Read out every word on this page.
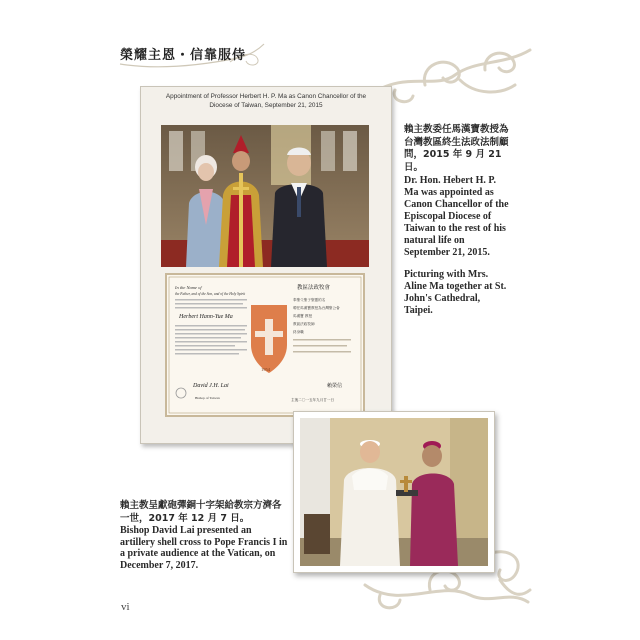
榮耀主恩・信靠服侍
Appointment of Professor Herbert H. P. Ma as Canon Chancellor of the
Diocese of Taiwan, September 21, 2015
1954
In the Name of
the Father, and of the Son, and of the Holy Spirit
Herbert Hann-Yue Ma
教區法政牧會
奉聖父聖子聖靈的名
聘任馬漢寶教授為台灣聖公會
馬漢寶 教授
教區法政牧師
終身職
David J.H. Lai
Bishop of Taiwan
賴榮信
主後二〇一五年九月廿一日

賴主教委任馬漢寶教授為台灣教區終生法政法制顧問，2015 年 9 月 21 日。

Dr. Hon. Hebert H. P. Ma was appointed as Canon Chancellor of the Episcopal Diocese of Taiwan to the rest of his natural life on September 21, 2015.

Picturing with Mrs. Aline Ma together at St. John's Cathedral, Taipei.

賴主教呈獻砲彈銅十字架給教宗方濟各一世，2017 年 12 月 7 日。
Bishop David Lai presented an artillery shell cross to Pope Francis I in a private audience at the Vatican, on December 7, 2017.
vi
